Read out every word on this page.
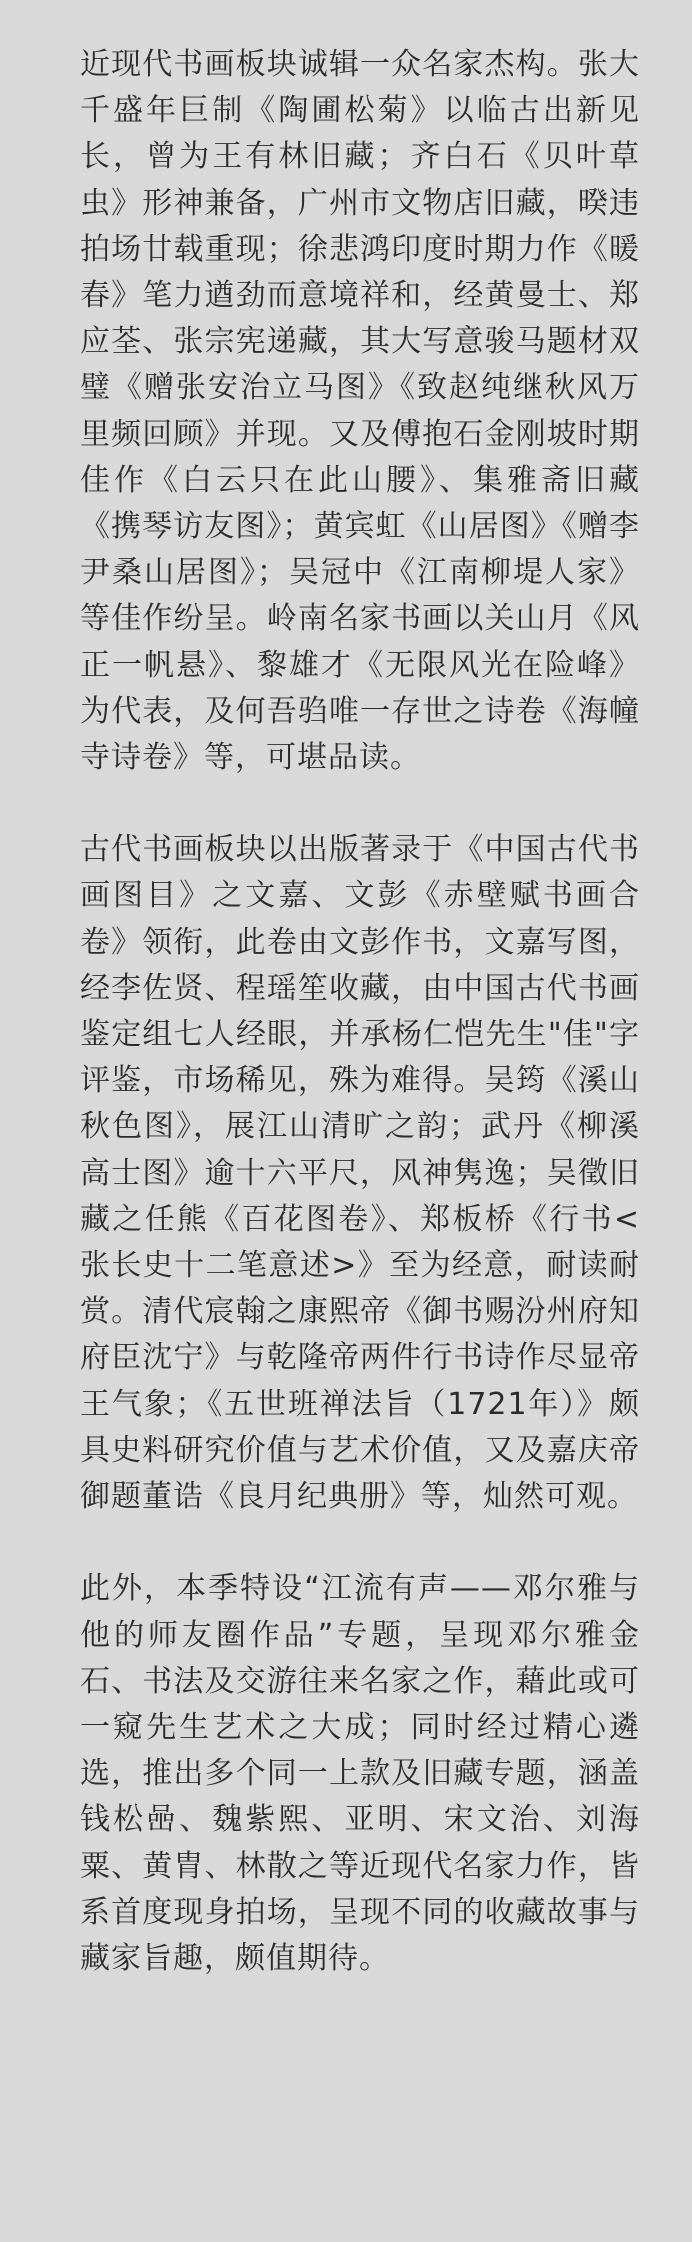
近现代书画板块诚辑一众名家杰构。张大千盛年巨制《陶圃松菊》以临古出新见长，曾为王有林旧藏；齐白石《贝叶草虫》形神兼备，广州市文物店旧藏，暌违拍场廿载重现；徐悲鸿印度时期力作《暖春》笔力遒劲而意境祥和，经黄曼士、郑应荃、张宗宪递藏，其大写意骏马题材双璧《赠张安治立马图》《致赵纯继秋风万里频回顾》并现。又及傅抱石金刚坡时期佳作《白云只在此山腰》、集雅斋旧藏《携琴访友图》；黄宾虹《山居图》《赠李尹桑山居图》；吴冠中《江南柳堤人家》等佳作纷呈。岭南名家书画以关山月《风正一帆悬》、黎雄才《无限风光在险峰》为代表，及何吾驺唯一存世之诗卷《海幢寺诗卷》等，可堪品读。

古代书画板块以出版著录于《中国古代书画图目》之文嘉、文彭《赤壁赋书画合卷》领衔，此卷由文彭作书，文嘉写图，经李佐贤、程瑶笙收藏，由中国古代书画鉴定组七人经眼，并承杨仁恺先生"佳"字评鉴，市场稀见，殊为难得。吴筠《溪山秋色图》，展江山清旷之韵；武丹《柳溪高士图》逾十六平尺，风神隽逸；吴徵旧藏之任熊《百花图卷》、郑板桥《行书<张长史十二笔意述>》至为经意，耐读耐赏。清代宸翰之康熙帝《御书赐汾州府知府臣沈宁》与乾隆帝两件行书诗作尽显帝王气象；《五世班禅法旨（1721年）》颇具史料研究价值与艺术价值，又及嘉庆帝御题董诰《良月纪典册》等，灿然可观。

此外，本季特设“江流有声——邓尔雅与他的师友圈作品”专题，呈现邓尔雅金石、书法及交游往来名家之作，藉此或可一窥先生艺术之大成；同时经过精心遴选，推出多个同一上款及旧藏专题，涵盖钱松喦、魏紫熙、亚明、宋文治、刘海粟、黄胄、林散之等近现代名家力作，皆系首度现身拍场，呈现不同的收藏故事与藏家旨趣，颇值期待。
